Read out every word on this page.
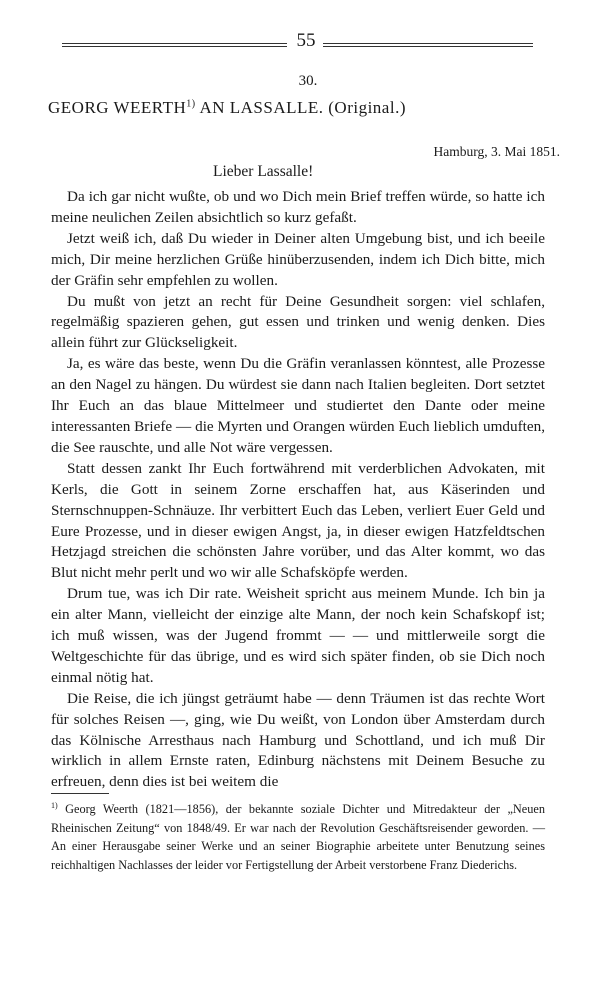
55
30.
GEORG WEERTH$^{1)}$ AN LASSALLE. (Original.)
Hamburg, 3. Mai 1851.
Lieber Lassalle!

Da ich gar nicht wußte, ob und wo Dich mein Brief treffen würde, so hatte ich meine neulichen Zeilen absichtlich so kurz gefaßt.

Jetzt weiß ich, daß Du wieder in Deiner alten Umgebung bist, und ich beeile mich, Dir meine herzlichen Grüße hinüberzusenden, indem ich Dich bitte, mich der Gräfin sehr empfehlen zu wollen.

Du mußt von jetzt an recht für Deine Gesundheit sorgen: viel schlafen, regelmäßig spazieren gehen, gut essen und trinken und wenig denken. Dies allein führt zur Glückseligkeit.

Ja, es wäre das beste, wenn Du die Gräfin veranlassen könntest, alle Prozesse an den Nagel zu hängen. Du würdest sie dann nach Italien begleiten. Dort setztet Ihr Euch an das blaue Mittelmeer und studiertet den Dante oder meine interessanten Briefe — die Myrten und Orangen würden Euch lieblich umduften, die See rauschte, und alle Not wäre vergessen.

Statt dessen zankt Ihr Euch fortwährend mit verderblichen Advokaten, mit Kerls, die Gott in seinem Zorne erschaffen hat, aus Käserinden und Sternschnuppen-Schnäuze. Ihr verbittert Euch das Leben, verliert Euer Geld und Eure Prozesse, und in dieser ewigen Angst, ja, in dieser ewigen Hatzfeldtschen Hetzjagd streichen die schönsten Jahre vorüber, und das Alter kommt, wo das Blut nicht mehr perlt und wo wir alle Schafsköpfe werden.

Drum tue, was ich Dir rate. Weisheit spricht aus meinem Munde. Ich bin ja ein alter Mann, vielleicht der einzige alte Mann, der noch kein Schafskopf ist; ich muß wissen, was der Jugend frommt — — und mittlerweile sorgt die Weltgeschichte für das übrige, und es wird sich später finden, ob sie Dich noch einmal nötig hat.

Die Reise, die ich jüngst geträumt habe — denn Träumen ist das rechte Wort für solches Reisen —, ging, wie Du weißt, von London über Amsterdam durch das Kölnische Arresthaus nach Hamburg und Schottland, und ich muß Dir wirklich in allem Ernste raten, Edinburg nächstens mit Deinem Besuche zu erfreuen, denn dies ist bei weitem die

$^{1)}$ Georg Weerth (1821—1856), der bekannte soziale Dichter und Mitredakteur der „Neuen Rheinischen Zeitung“ von 1848/49. Er war nach der Revolution Geschäftsreisender geworden. — An einer Herausgabe seiner Werke und an seiner Biographie arbeitete unter Benutzung seines reichhaltigen Nachlasses der leider vor Fertigstellung der Arbeit verstorbene Franz Diederichs.
